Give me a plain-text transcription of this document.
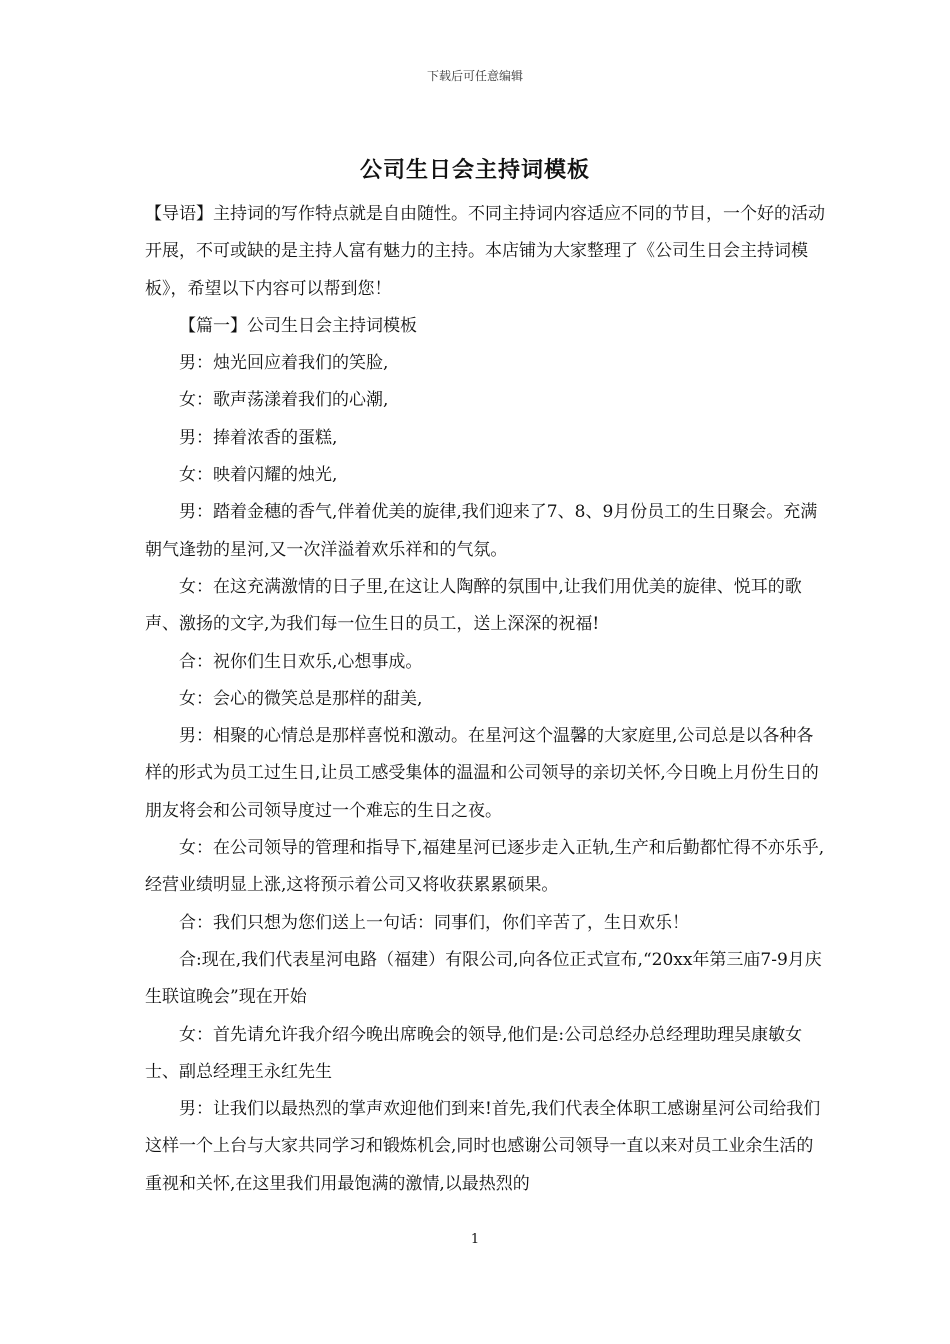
下载后可任意编辑
公司生日会主持词模板

【导语】主持词的写作特点就是自由随性。不同主持词内容适应不同的节目，一个好的活动开展，不可或缺的是主持人富有魅力的主持。本店铺为大家整理了《公司生日会主持词模板》，希望以下内容可以帮到您！

【篇一】公司生日会主持词模板

男：烛光回应着我们的笑脸,

女：歌声荡漾着我们的心潮,

男：捧着浓香的蛋糕,

女：映着闪耀的烛光,

男：踏着金穗的香气,伴着优美的旋律,我们迎来了7、8、9月份员工的生日聚会。充满朝气逢勃的星河,又一次洋溢着欢乐祥和的气氛。

女：在这充满激情的日子里,在这让人陶醉的氛围中,让我们用优美的旋律、悦耳的歌声、激扬的文字,为我们每一位生日的员工，送上深深的祝福!

合：祝你们生日欢乐,心想事成。

女：会心的微笑总是那样的甜美,

男：相聚的心情总是那样喜悦和激动。在星河这个温馨的大家庭里,公司总是以各种各样的形式为员工过生日,让员工感受集体的温温和公司领导的亲切关怀,今日晚上月份生日的朋友将会和公司领导度过一个难忘的生日之夜。

女：在公司领导的管理和指导下,福建星河已逐步走入正轨,生产和后勤都忙得不亦乐乎,经营业绩明显上涨,这将预示着公司又将收获累累硕果。

合：我们只想为您们送上一句话：同事们，你们辛苦了，生日欢乐！

合:现在,我们代表星河电路（福建）有限公司,向各位正式宣布,“20xx年第三庙7-9月庆生联谊晚会”现在开始

女：首先请允许我介绍今晚出席晚会的领导,他们是:公司总经办总经理助理吴康敏女士、副总经理王永红先生

男：让我们以最热烈的掌声欢迎他们到来!首先,我们代表全体职工感谢星河公司给我们这样一个上台与大家共同学习和锻炼机会,同时也感谢公司领导一直以来对员工业余生活的重视和关怀,在这里我们用最饱满的激情,以最热烈的

1
